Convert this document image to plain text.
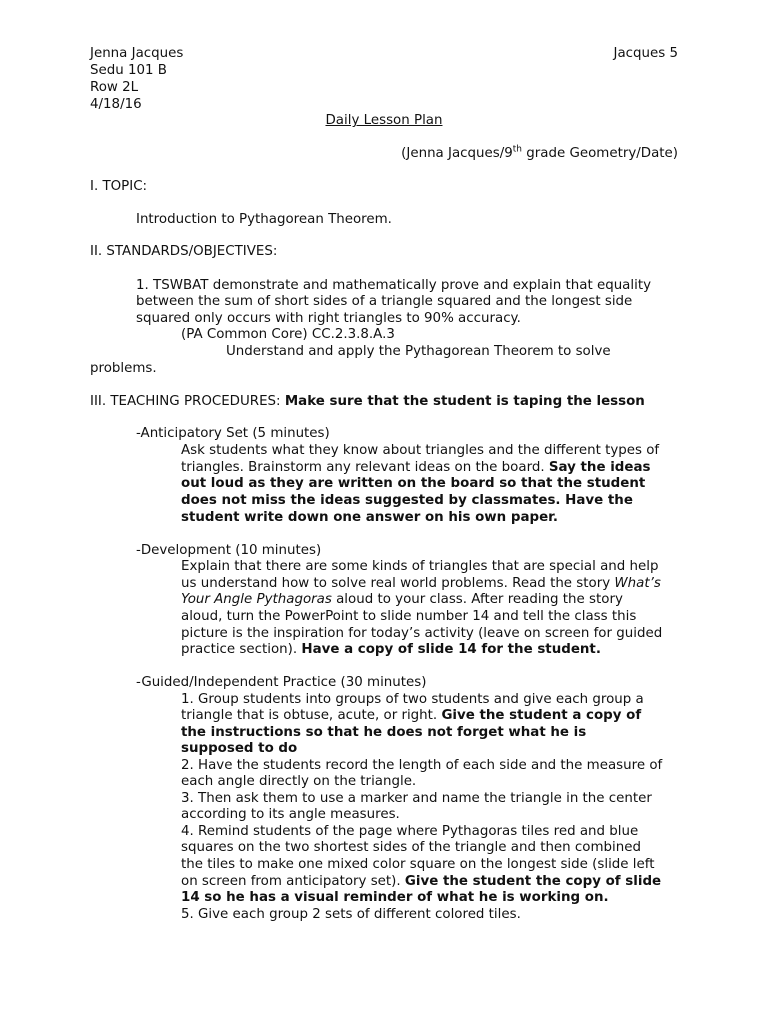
Jenna Jacques
Sedu 101 B
Row 2L
4/18/16
Jacques 5
Daily Lesson Plan
(Jenna Jacques/9th grade Geometry/Date)
I. TOPIC:
Introduction to Pythagorean Theorem.
II. STANDARDS/OBJECTIVES:
1. TSWBAT demonstrate and mathematically prove and explain that equality
between the sum of short sides of a triangle squared and the longest side
squared only occurs with right triangles to 90% accuracy.
(PA Common Core) CC.2.3.8.A.3
Understand and apply the Pythagorean Theorem to solve
problems.
III. TEACHING PROCEDURES: Make sure that the student is taping the lesson
-Anticipatory Set (5 minutes)
Ask students what they know about triangles and the different types of
triangles. Brainstorm any relevant ideas on the board. Say the ideas
out loud as they are written on the board so that the student
does not miss the ideas suggested by classmates. Have the
student write down one answer on his own paper.
-Development (10 minutes)
Explain that there are some kinds of triangles that are special and help
us understand how to solve real world problems. Read the story What’s
Your Angle Pythagoras aloud to your class. After reading the story
aloud, turn the PowerPoint to slide number 14 and tell the class this
picture is the inspiration for today’s activity (leave on screen for guided
practice section). Have a copy of slide 14 for the student.
-Guided/Independent Practice (30 minutes)
1. Group students into groups of two students and give each group a
triangle that is obtuse, acute, or right. Give the student a copy of
the instructions so that he does not forget what he is
supposed to do
2. Have the students record the length of each side and the measure of
each angle directly on the triangle.
3. Then ask them to use a marker and name the triangle in the center
according to its angle measures.
4. Remind students of the page where Pythagoras tiles red and blue
squares on the two shortest sides of the triangle and then combined
the tiles to make one mixed color square on the longest side (slide left
on screen from anticipatory set). Give the student the copy of slide
14 so he has a visual reminder of what he is working on.
5. Give each group 2 sets of different colored tiles.
